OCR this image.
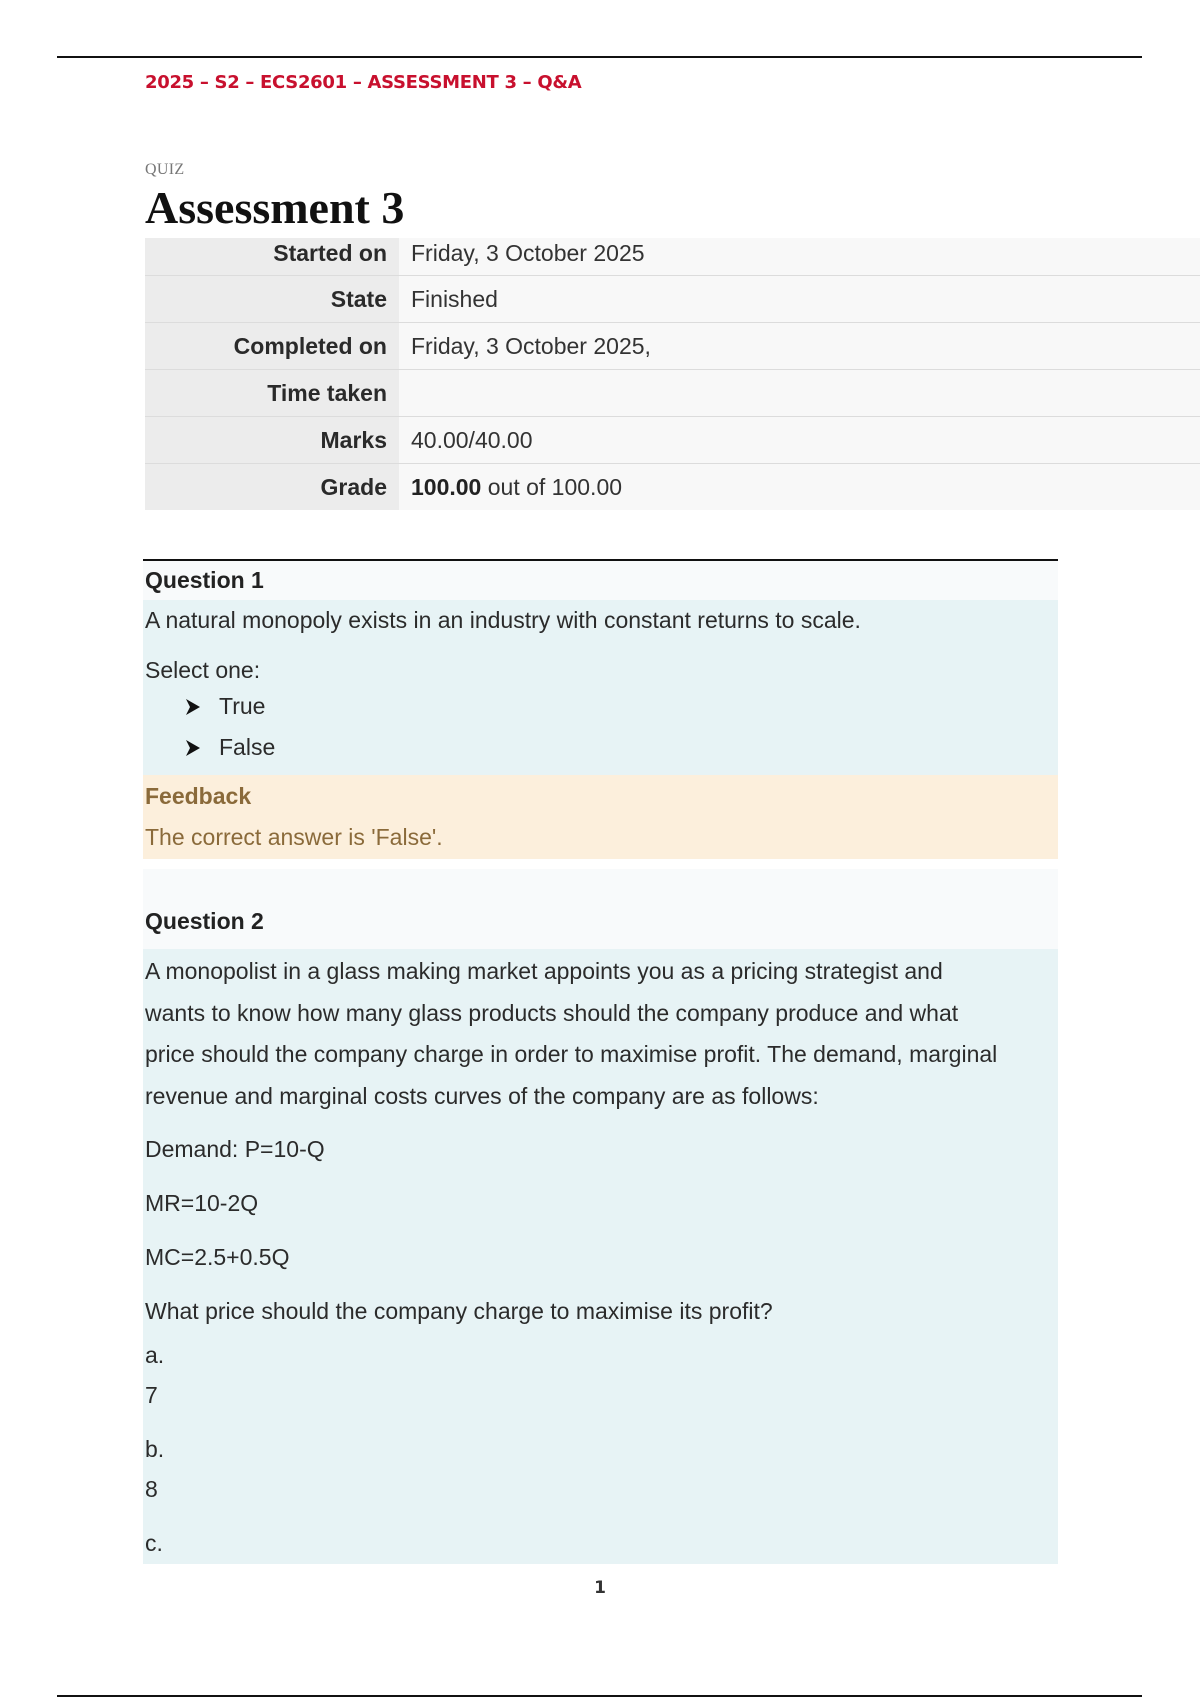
2025 – S2 – ECS2601 – ASSESSMENT 3 – Q&A
QUIZ
Assessment 3
Started on	Friday, 3 October 2025
State	Finished
Completed on	Friday, 3 October 2025,
Time taken	
Marks	40.00/40.00
Grade	100.00 out of 100.00
Question 1

A natural monopoly exists in an industry with constant returns to scale.

Select one:

True
False
Feedback
The correct answer is 'False'.
Question 2
A monopolist in a glass making market appoints you as a pricing strategist and
wants to know how many glass products should the company produce and what
price should the company charge in order to maximise profit. The demand, marginal
revenue and marginal costs curves of the company are as follows:
Demand: P=10-Q
MR=10-2Q
MC=2.5+0.5Q
What price should the company charge to maximise its profit?
a.
7
b.
8
c.
1
